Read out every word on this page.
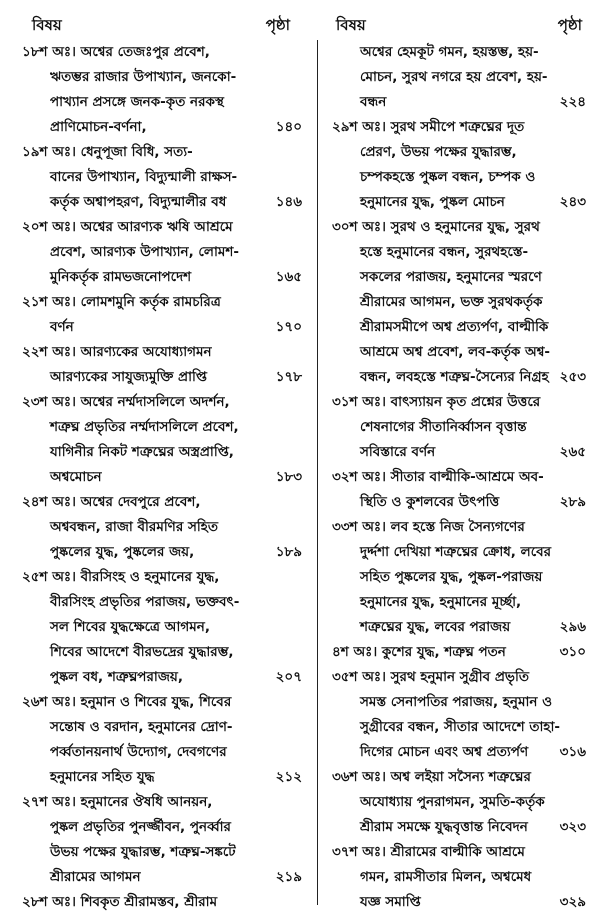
বিষয়	পৃষ্ঠা
১৮শ অঃ। অশ্বের তেজঃপুর প্রবেশ,
ঋতম্ভর রাজার উপাখ্যান, জনকো-
পাখ্যান প্রসঙ্গে জনক-কৃত নরকস্থ
প্রাণিমোচন-বর্ণনা,	১৪০
১৯শ অঃ। ধেনুপূজা বিধি, সত্য-
বানের উপাখ্যান, বিদ্যুন্মালী রাক্ষস-
কর্তৃক অশ্বাপহরণ, বিদ্যুন্মালীর বধ	১৪৬
২০শ অঃ। অশ্বের আরণ্যক ঋষি আশ্রমে
প্রবেশ, আরণ্যক উপাখ্যান, লোমশ-
মুনিকর্তৃক রামভজনোপদেশ	১৬৫
২১শ অঃ। লোমশমুনি কর্তৃক রামচরিত্র
বর্ণন	১৭০
২২শ অঃ। আরণ্যকের অযোধ্যাগমন
আরণ্যকের সাযুজ্যমুক্তি প্রাপ্তি	১৭৮
২৩শ অঃ। অশ্বের নর্ম্মদাসলিলে অদর্শন,
শত্রুঘ্ন প্রভৃতির নর্ম্মদাসলিলে প্রবেশ,
যাগিনীর নিকট শত্রুঘ্নের অস্ত্রপ্রাপ্তি,
অশ্বমোচন	১৮৩
২৪শ অঃ। অশ্বের দেবপুরে প্রবেশ,
অশ্ববন্ধন, রাজা বীরমণির সহিত
পুষ্কলের যুদ্ধ, পুষ্কলের জয়,	১৮৯
২৫শ অঃ। বীরসিংহ ও হনুমানের যুদ্ধ,
বীরসিংহ প্রভৃতির পরাজয়, ভক্তবৎ-
সল শিবের যুদ্ধক্ষেত্রে আগমন,
শিবের আদেশে বীরভদ্রের যুদ্ধারম্ভ,
পুষ্কল বধ, শত্রুঘ্নপরাজয়,	২০৭
২৬শ অঃ। হনুমান ও শিবের যুদ্ধ, শিবের
সন্তোষ ও বরদান, হনুমানের দ্রোণ-
পর্ব্বতানয়নার্থ উদ্যোগ, দেবগণের
হনুমানের সহিত যুদ্ধ	২১২
২৭শ অঃ। হনুমানের ঔষধি আনয়ন,
পুষ্কল প্রভৃতির পুনর্জ্জীবন, পুনর্ব্বার
উভয় পক্ষের যুদ্ধারম্ভ, শত্রুঘ্ন-সঙ্কটে
শ্রীরামের আগমন	২১৯
২৮শ অঃ। শিবকৃত শ্রীরামস্তব, শ্রীরাম
বিষয়	পৃষ্ঠা
অশ্বের হেমকূট গমন, হয়স্তম্ভ, হয়-
মোচন, সুরথ নগরে হয় প্রবেশ, হয়-
বন্ধন	২২৪
২৯শ অঃ। সুরথ সমীপে শত্রুঘ্নের দূত
প্রেরণ, উভয় পক্ষের যুদ্ধারম্ভ,
চম্পকহস্তে পুষ্কল বন্ধন, চম্পক ও
হনুমানের যুদ্ধ, পুষ্কল মোচন	২৪৩
৩০শ অঃ। সুরথ ও হনুমানের যুদ্ধ, সুরথ
হস্তে হনুমানের বন্ধন, সুরথহস্তে-
সকলের পরাজয়, হনুমানের স্মরণে
শ্রীরামের আগমন, ভক্ত সুরথকর্তৃক
শ্রীরামসমীপে অশ্ব প্রত্যর্পণ, বাল্মীকি
আশ্রমে অশ্ব প্রবেশ, লব-কর্তৃক অশ্ব-
বন্ধন, লবহস্তে শত্রুঘ্ন-সৈন্যের নিগ্রহ ২৫৩
৩১শ অঃ। বাৎস্যায়ন কৃত প্রশ্নের উত্তরে
শেষনাগের সীতানির্ব্বাসন বৃত্তান্ত
সবিস্তারে বর্ণন	২৬৫
৩২শ অঃ। সীতার বাল্মীকি-আশ্রমে অব-
স্থিতি ও কুশলবের উৎপত্তি	২৮৯
৩৩শ অঃ। লব হস্তে নিজ সৈন্যগণের
দুর্দ্দশা দেখিয়া শত্রুঘ্নের ক্রোধ, লবের
সহিত পুষ্কলের যুদ্ধ, পুষ্কল-পরাজয়
হনুমানের যুদ্ধ, হনুমানের মূর্চ্ছা,
শত্রুঘ্নের যুদ্ধ, লবের পরাজয়	২৯৬
৪শ অঃ। কুশের যুদ্ধ, শত্রুঘ্ন পতন	৩১০
৩৫শ অঃ। সুরথ হনুমান সুগ্রীব প্রভৃতি
সমস্ত সেনাপতির পরাজয়, হনুমান ও
সুগ্রীবের বন্ধন, সীতার আদেশে তাহা-
দিগের মোচন এবং অশ্ব প্রত্যর্পণ	৩১৬
৩৬শ অঃ। অশ্ব লইয়া সসৈন্য শত্রুঘ্নের
অযোধ্যায় পুনরাগমন, সুমতি-কর্তৃক
শ্রীরাম সমক্ষে যুদ্ধবৃত্তান্ত নিবেদন	৩২৩
৩৭শ অঃ। শ্রীরামের বাল্মীকি আশ্রমে
গমন, রামসীতার মিলন, অশ্বমেধ
যজ্ঞ সমাপ্তি	৩২৯
